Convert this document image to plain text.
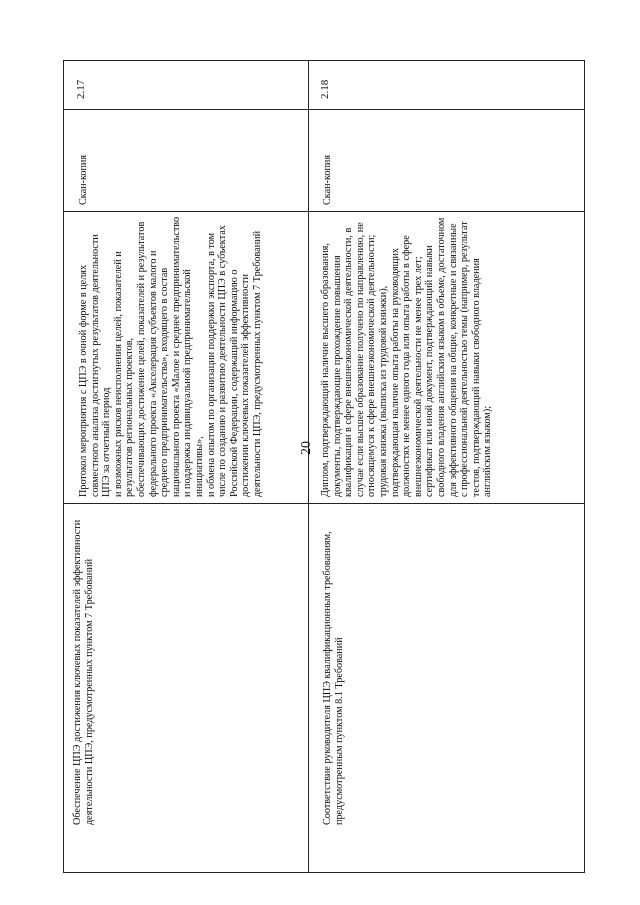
20
2.17

Обеспечение ЦПЭ достижения ключевых показателей эффективности деятельности ЦПЭ, предусмотренных пунктом 7 Требований

Протокол мероприятия с ЦПЭ в очной форме в целях совместного анализа достигнутых результатов деятельности ЦПЭ за отчетный период и возможных рисков неисполнения целей, показателей и результатов региональных проектов, обеспечивающих достижение целей, показателей и результатов федерального проекта «Акселерация субъектов малого и среднего предпринимательства», входящего в состав национального проекта «Малое и среднее предпринимательство и поддержка индивидуальной предпринимательской инициативы», и обмена опытом по организации поддержки экспорта, в том числе по созданию и развитию деятельности ЦПЭ в субъектах Российской Федерации, содержащий информацию о достижении ключевых показателей эффективности деятельности ЦПЭ, предусмотренных пунктом 7 Требований

Скан-копия
2.18

Соответствие руководителя ЦПЭ квалификационным требованиям, предусмотренным пунктом 8.1 Требований

Диплом, подтверждающий наличие высшего образования, документы, подтверждающие прохождение повышения квалификации в сфере внешнеэкономической деятельности, в случае если высшее образование получено по направлению, не относящемуся к сфере внешнеэкономической деятельности; трудовая книжка (выписка из трудовой книжки), подтверждающая наличие опыта работы на руководящих должностях не менее одного года или опыта работы в сфере внешнеэкономической деятельности не менее трех лет; сертификат или иной документ, подтверждающий навыки свободного владения английским языком в объеме, достаточном для эффективного общения на общие, конкретные и связанные с профессиональной деятельностью темы (например, результат тестов, подтверждающий навыки свободного владения английским языком);

Скан-копия
